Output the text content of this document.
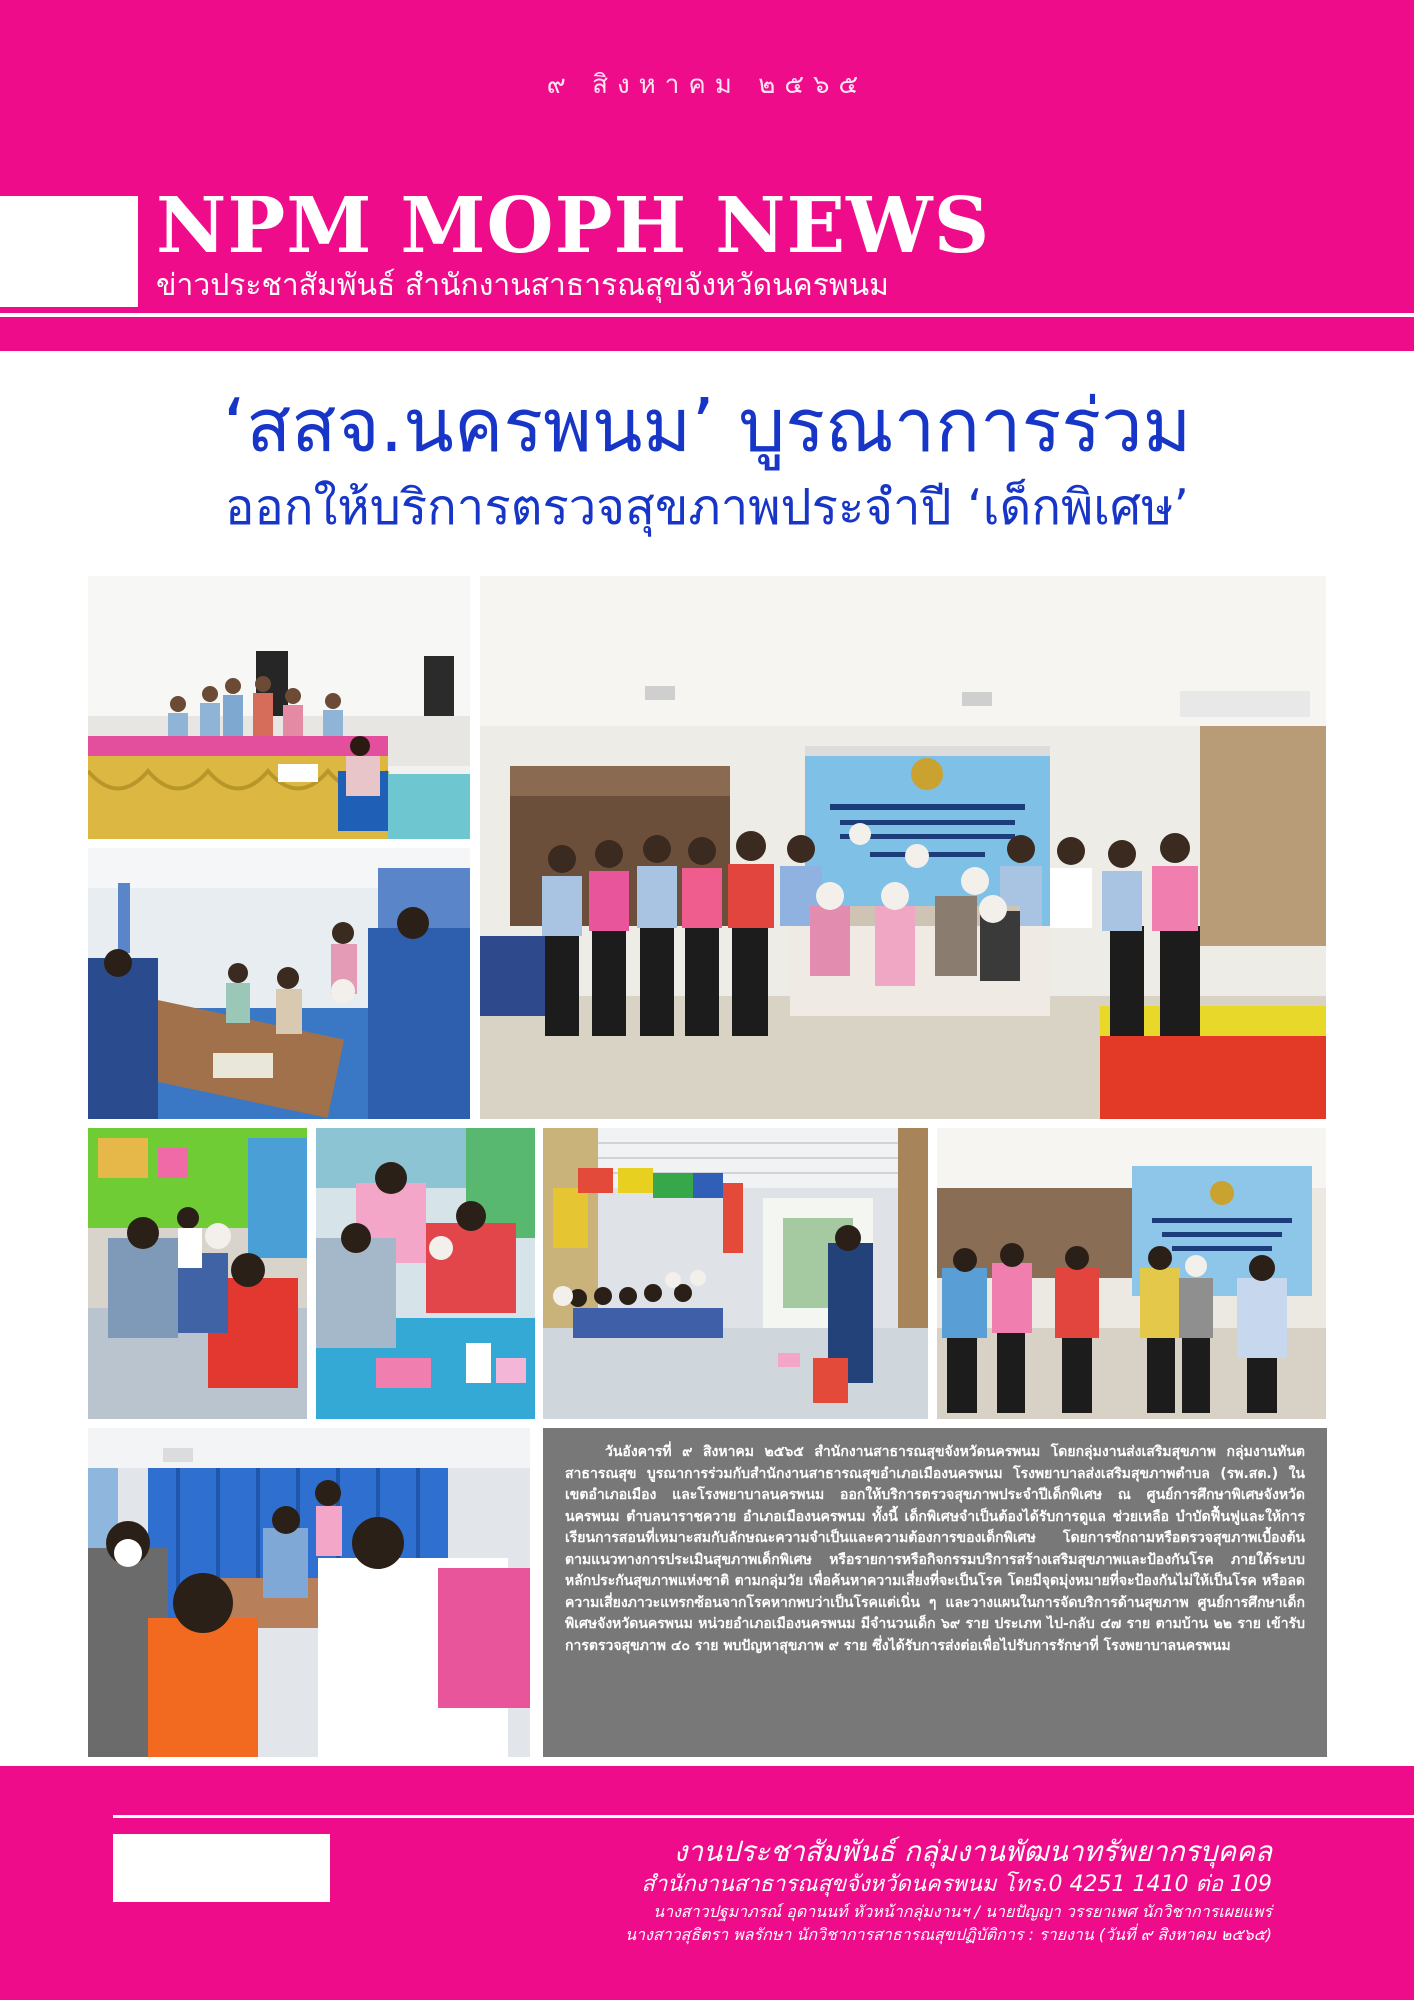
๙ สิงหาคม ๒๕๖๕
NPM MOPH NEWS
ข่าวประชาสัมพันธ์ สำนักงานสาธารณสุขจังหวัดนครพนม
‘สสจ.นครพนม’ บูรณาการร่วม
ออกให้บริการตรวจสุขภาพประจำปี ‘เด็กพิเศษ’

วันอังคารที่ ๙ สิงหาคม ๒๕๖๕ สำนักงานสาธารณสุขจังหวัดนครพนม โดยกลุ่มงานส่งเสริมสุขภาพ กลุ่มงานทันตสาธารณสุข บูรณาการร่วมกับสำนักงานสาธารณสุขอำเภอเมืองนครพนม โรงพยาบาลส่งเสริมสุขภาพตำบล (รพ.สต.) ในเขตอำเภอเมือง และโรงพยาบาลนครพนม ออกให้บริการตรวจสุขภาพประจำปีเด็กพิเศษ ณ ศูนย์การศึกษาพิเศษจังหวัดนครพนม ตำบลนาราชควาย อำเภอเมืองนครพนม ทั้งนี้ เด็กพิเศษจำเป็นต้องได้รับการดูแล ช่วยเหลือ บำบัดฟื้นฟูและให้การเรียนการสอนที่เหมาะสมกับลักษณะความจำเป็นและความต้องการของเด็กพิเศษ โดยการซักถามหรือตรวจสุขภาพเบื้องต้น ตามแนวทางการประเมินสุขภาพเด็กพิเศษ หรือรายการหรือกิจกรรมบริการสร้างเสริมสุขภาพและป้องกันโรค ภายใต้ระบบหลักประกันสุขภาพแห่งชาติ ตามกลุ่มวัย เพื่อค้นหาความเสี่ยงที่จะเป็นโรค โดยมีจุดมุ่งหมายที่จะป้องกันไม่ให้เป็นโรค หรือลดความเสี่ยงภาวะแทรกซ้อนจากโรคหากพบว่าเป็นโรคแต่เนิ่น ๆ และวางแผนในการจัดบริการด้านสุขภาพ ศูนย์การศึกษาเด็กพิเศษจังหวัดนครพนม หน่วยอำเภอเมืองนครพนม มีจำนวนเด็ก ๖๙ ราย ประเภท ไป-กลับ ๔๗ ราย ตามบ้าน ๒๒ ราย เข้ารับการตรวจสุขภาพ ๔๐ ราย พบปัญหาสุขภาพ ๙ ราย ซึ่งได้รับการส่งต่อเพื่อไปรับการรักษาที่ โรงพยาบาลนครพนม

งานประชาสัมพันธ์ กลุ่มงานพัฒนาทรัพยากรบุคคล
สำนักงานสาธารณสุขจังหวัดนครพนม โทร.0 4251 1410 ต่อ 109
นางสาวปฐมาภรณ์ อุดานนท์ หัวหน้ากลุ่มงานฯ / นายปัญญา วรรยาเพศ นักวิชาการเผยแพร่
นางสาวสุธิตรา พลรักษา นักวิชาการสาธารณสุขปฏิบัติการ : รายงาน (วันที่ ๙ สิงหาคม ๒๕๖๕)
